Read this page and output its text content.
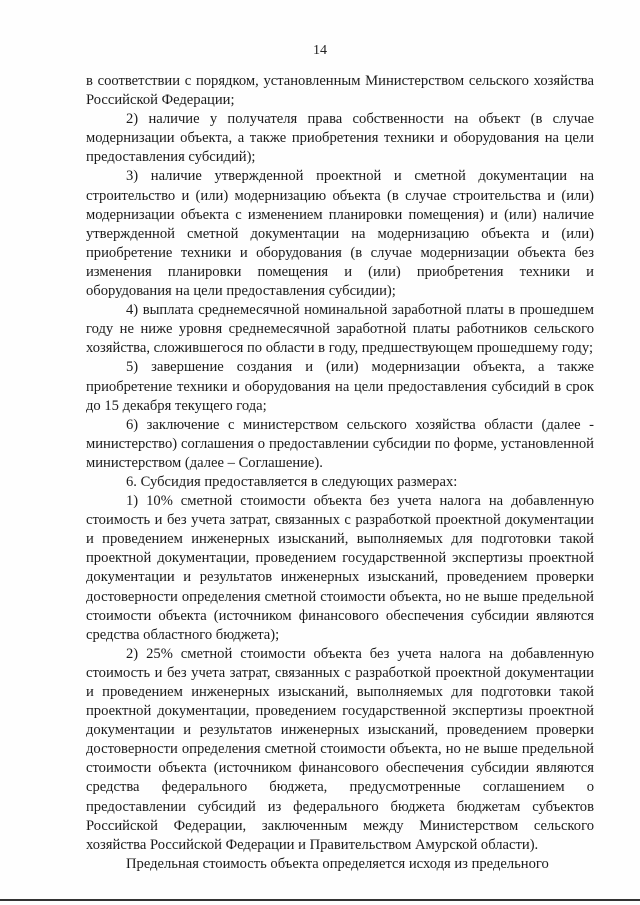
14

в соответствии с порядком, установленным Министерством сельского хозяйства Российской Федерации;

2) наличие у получателя права собственности на объект (в случае модернизации объекта, а также приобретения техники и оборудования на цели предоставления субсидий);

3) наличие утвержденной проектной и сметной документации на строительство и (или) модернизацию объекта (в случае строительства и (или) модернизации объекта с изменением планировки помещения) и (или) наличие утвержденной сметной документации на модернизацию объекта и (или) приобретение техники и оборудования (в случае модернизации объекта без изменения планировки помещения и (или) приобретения техники и оборудования на цели предоставления субсидии);

4) выплата среднемесячной номинальной заработной платы в прошедшем году не ниже уровня среднемесячной заработной платы работников сельского хозяйства, сложившегося по области в году, предшествующем прошедшему году;

5) завершение создания и (или) модернизации объекта, а также приобретение техники и оборудования на цели предоставления субсидий в срок до 15 декабря текущего года;

6) заключение с министерством сельского хозяйства области (далее - министерство) соглашения о предоставлении субсидии по форме, установленной министерством (далее – Соглашение).

6. Субсидия предоставляется в следующих размерах:

1) 10% сметной стоимости объекта без учета налога на добавленную стоимость и без учета затрат, связанных с разработкой проектной документации и проведением инженерных изысканий, выполняемых для подготовки такой проектной документации, проведением государственной экспертизы проектной документации и результатов инженерных изысканий, проведением проверки достоверности определения сметной стоимости объекта, но не выше предельной стоимости объекта (источником финансового обеспечения субсидии являются средства областного бюджета);

2) 25% сметной стоимости объекта без учета налога на добавленную стоимость и без учета затрат, связанных с разработкой проектной документации и проведением инженерных изысканий, выполняемых для подготовки такой проектной документации, проведением государственной экспертизы проектной документации и результатов инженерных изысканий, проведением проверки достоверности определения сметной стоимости объекта, но не выше предельной стоимости объекта (источником финансового обеспечения субсидии являются средства федерального бюджета, предусмотренные соглашением о предоставлении субсидий из федерального бюджета бюджетам субъектов Российской Федерации, заключенным между Министерством сельского хозяйства Российской Федерации и Правительством Амурской области).

Предельная стоимость объекта определяется исходя из предельного
